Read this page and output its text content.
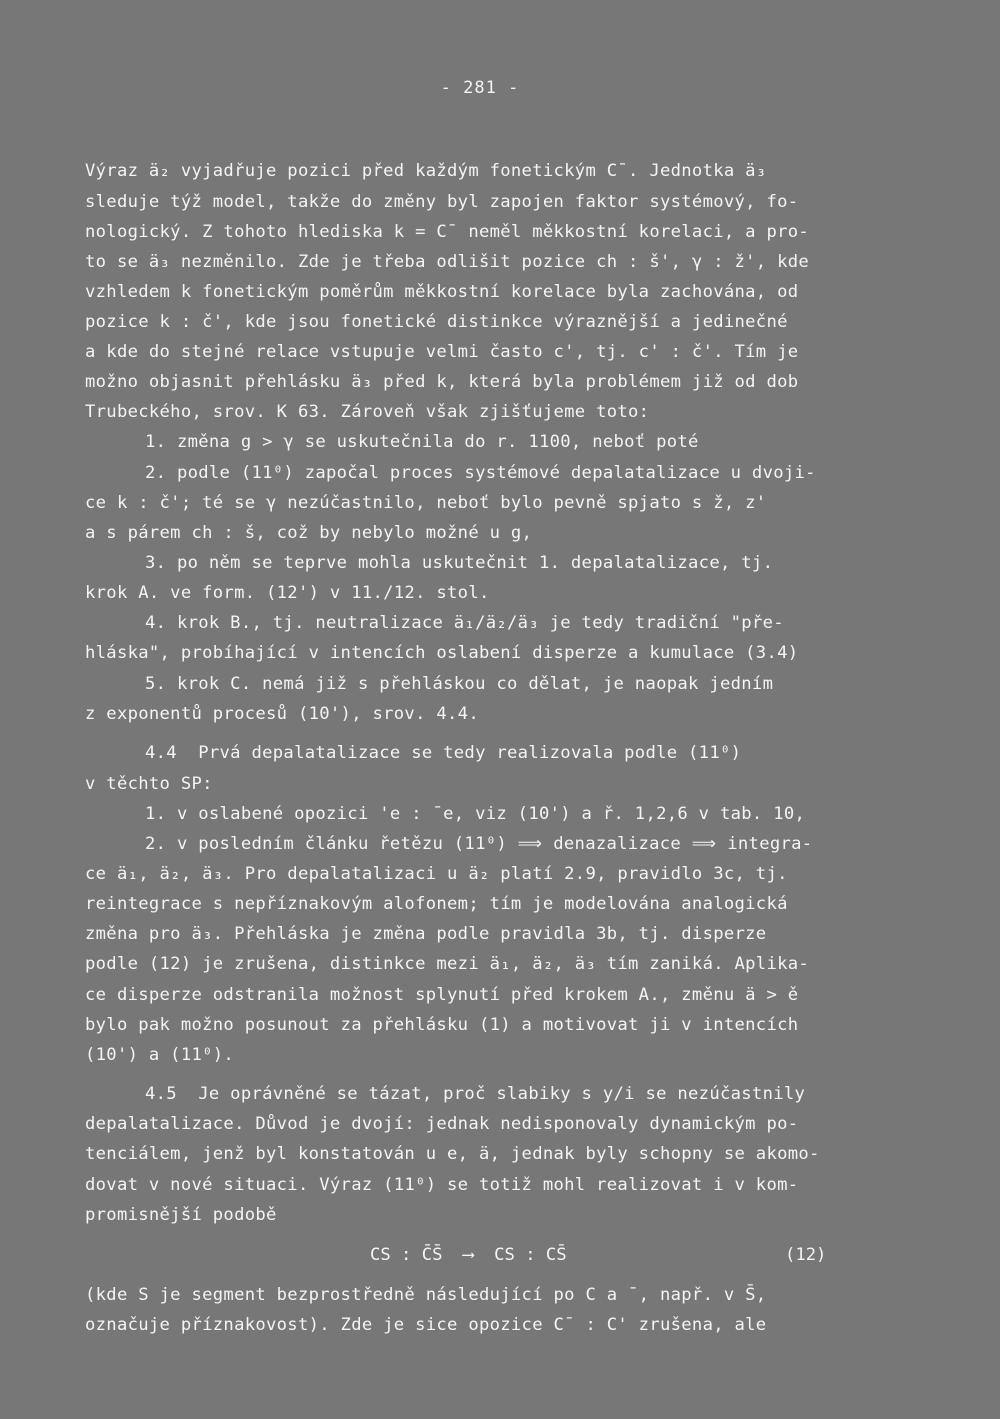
- 281 -
Výraz ä₂ vyjadřuje pozici před každým fonetickým C¯. Jednotka ä₃
sleduje týž model, takže do změny byl zapojen faktor systémový, fo-
nologický. Z tohoto hlediska k = C¯ neměl měkkostní korelaci, a pro-
to se ä₃ nezměnilo. Zde je třeba odlišit pozice ch : š', γ : ž', kde
vzhledem k fonetickým poměrům měkkostní korelace byla zachována, od
pozice k : č', kde jsou fonetické distinkce výraznější a jedinečné
a kde do stejné relace vstupuje velmi často c', tj. c' : č'. Tím je
možno objasnit přehlásku ä₃ před k, která byla problémem již od dob
Trubeckého, srov. K 63. Zároveň však zjišťujeme toto:
1. změna g > γ se uskutečnila do r. 1100, neboť poté
2. podle (11⁰) započal proces systémové depalatalizace u dvoji-
ce k : č'; té se γ nezúčastnilo, neboť bylo pevně spjato s ž, z'
a s párem ch : š, což by nebylo možné u g,
3. po něm se teprve mohla uskutečnit 1. depalatalizace, tj.
krok A. ve form. (12') v 11./12. stol.
4. krok B., tj. neutralizace ä₁/ä₂/ä₃ je tedy tradiční "pře-
hláska", probíhající v intencích oslabení disperze a kumulace (3.4)
5. krok C. nemá již s přehláskou co dělat, je naopak jedním
z exponentů procesů (10'), srov. 4.4.
4.4  Prvá depalatalizace se tedy realizovala podle (11⁰)
v těchto SP:
1. v oslabené opozici 'e : ¯e, viz (10') a ř. 1,2,6 v tab. 10,
2. v posledním článku řetězu (11⁰) ⟹ denazalizace ⟹ integra-
ce ä₁, ä₂, ä₃. Pro depalatalizaci u ä₂ platí 2.9, pravidlo 3c, tj.
reintegrace s nepříznakovým alofonem; tím je modelována analogická
změna pro ä₃. Přehláska je změna podle pravidla 3b, tj. disperze
podle (12) je zrušena, distinkce mezi ä₁, ä₂, ä₃ tím zaniká. Aplika-
ce disperze odstranila možnost splynutí před krokem A., změnu ä > ě
bylo pak možno posunout za přehlásku (1) a motivovat ji v intencích
(10') a (11⁰).
4.5  Je oprávněné se tázat, proč slabiky s y/i se nezúčastnily
depalatalizace. Důvod je dvojí: jednak nedisponovaly dynamickým po-
tenciálem, jenž byl konstatován u e, ä, jednak byly schopny se akomo-
dovat v nové situaci. Výraz (11⁰) se totiž mohl realizovat i v kom-
promisnější podobě
CS : C̄S̄  ⟶  CS : CS̄	(12)
(kde S je segment bezprostředně následující po C a ¯, např. v S̄,
označuje příznakovost). Zde je sice opozice C¯ : C' zrušena, ale
